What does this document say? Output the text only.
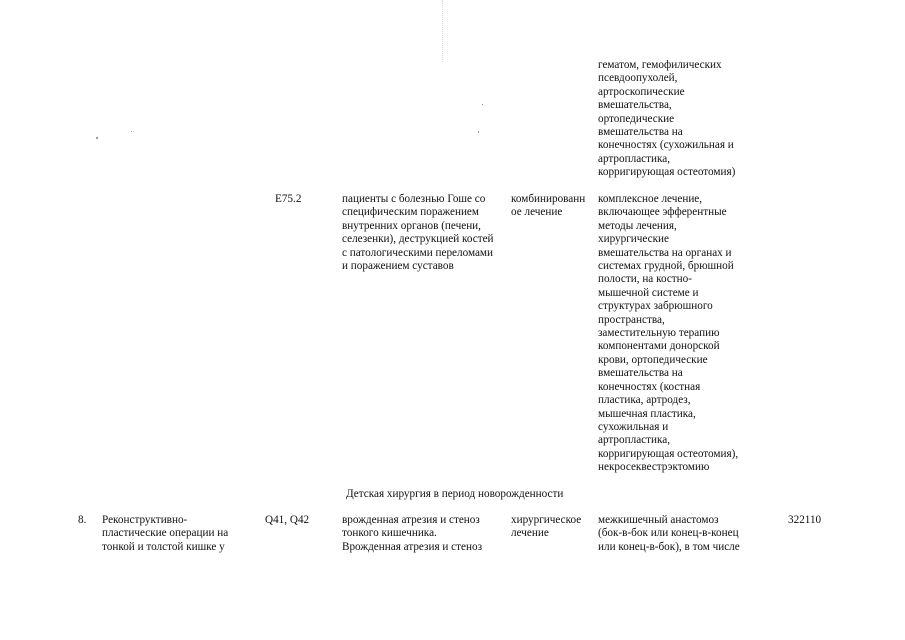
гематом, гемофилических
псевдоопухолей,
артроскопические
вмешательства,
ортопедические
вмешательства на
конечностях (сухожильная и
артропластика,
корригирующая остеотомия)
E75.2	пациенты с болезнью Гоше со
специфическим поражением
внутренних органов (печени,
селезенки), деструкцией костей
с патологическими переломами
и поражением суставов
комбинированн
ое лечение
комплексное лечение,
включающее эфферентные
методы лечения,
хирургические
вмешательства на органах и
системах грудной, брюшной
полости, на костно-
мышечной системе и
структурах забрюшного
пространства,
заместительную терапию
компонентами донорской
крови, ортопедические
вмешательства на
конечностях (костная
пластика, артродез,
мышечная пластика,
сухожильная и
артропластика,
корригирующая остеотомия),
некросеквестрэктомию
Детская хирургия в период новорожденности
8. Реконструктивно-
пластические операции на
тонкой и толстой кишке у
Q41, Q42	врожденная атрезия и стеноз
тонкого кишечника.
Врожденная атрезия и стеноз
хирургическое
лечение
межкишечный анастомоз
(бок-в-бок или конец-в-конец
или конец-в-бок), в том числе
322110
